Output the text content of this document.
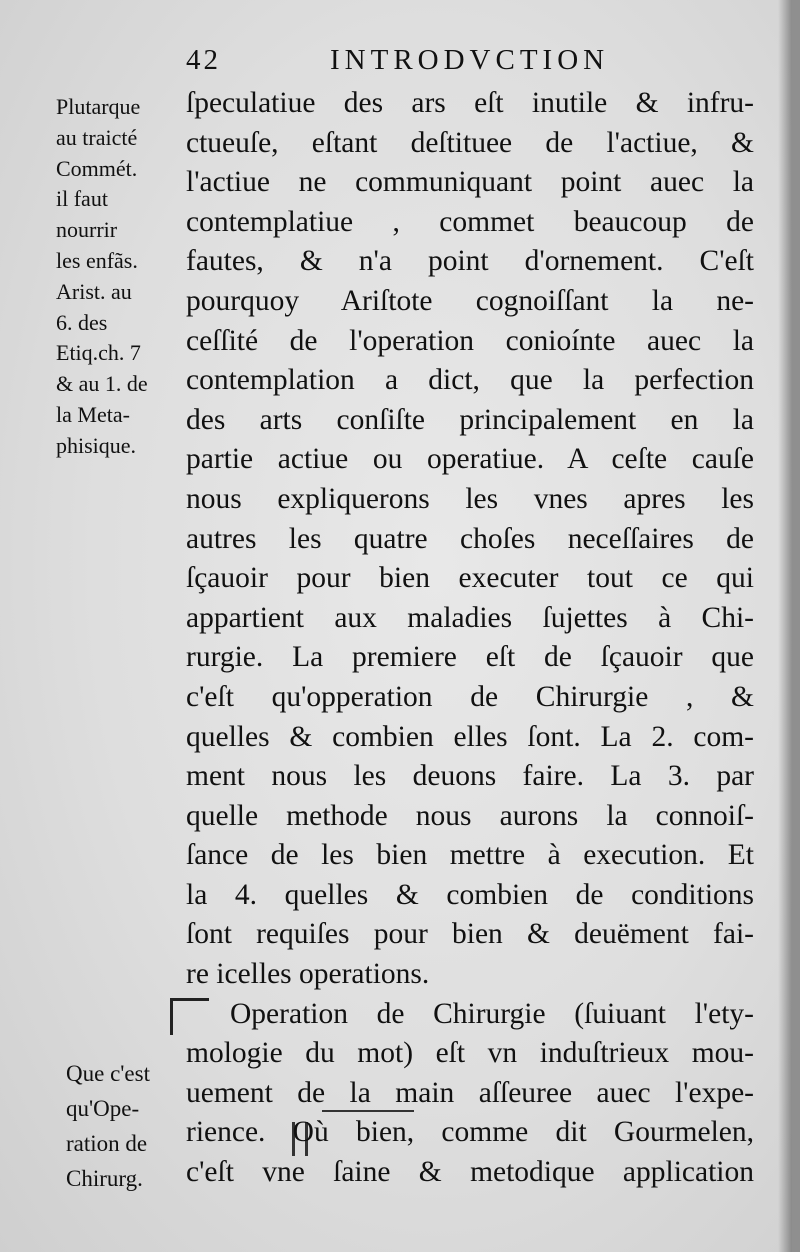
42	INTRODVCTION
Plutarque
au traicté
Commét.
il faut
nourrir
les enfãs.
Arist. au
6. des
Etiq.ch. 7
& au 1. de
la Meta-
phisique.
Que c'est
qu'Ope-
ration de
Chirurg.
ſpeculatiue des ars eſt inutile & infru-
ctueuſe, eſtant deſtituee de l'actiue, &
l'actiue ne communiquant point auec la
contemplatiue , commet beaucoup de
fautes, & n'a point d'ornement. C'eſt
pourquoy Ariſtote cognoiſſant la ne-
ceſſité de l'operation conioínte auec la
contemplation a dict, que la perfection
des arts conſiſte principalement en la
partie actiue ou operatiue. A ceſte cauſe
nous expliquerons les vnes apres les
autres les quatre choſes neceſſaires de
ſçauoir pour bien executer tout ce qui
appartient aux maladies ſujettes à Chi-
rurgie. La premiere eſt de ſçauoir que
c'eſt qu'opperation de Chirurgie , &
quelles & combien elles ſont. La 2. com-
ment nous les deuons faire. La 3. par
quelle methode nous aurons la connoiſ-
ſance de les bien mettre à execution. Et
la 4. quelles & combien de conditions
ſont requiſes pour bien & deuëment fai-
re icelles operations.
Operation de Chirurgie (ſuiuant l'ety-
mologie du mot) eſt vn induſtrieux mou-
uement de la main aſſeuree auec l'expe-
rience. Où bien, comme dit Gourmelen,
c'eſt vne ſaine & metodique application
